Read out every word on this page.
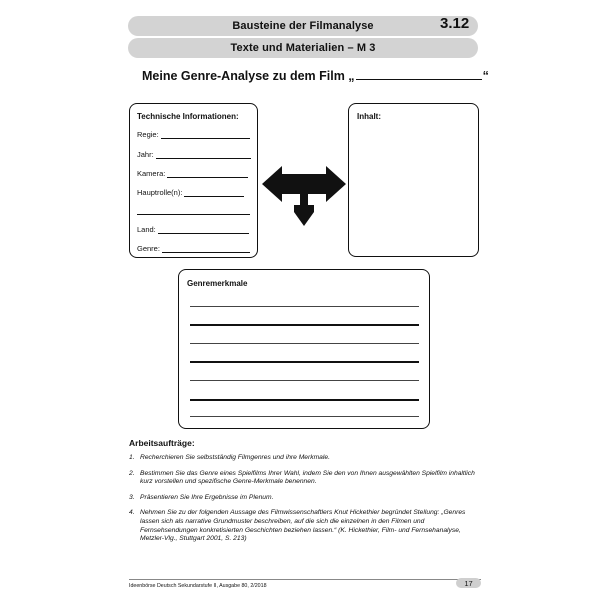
Bausteine der Filmanalyse	3.12
Texte und Materialien – M 3
Meine Genre-Analyse zu dem Film „	“
Technische Informationen:
Regie:
Jahr:
Kamera:
Hauptrolle(n):
Land:
Genre:
Inhalt:
Genremerkmale
Arbeitsaufträge:
1. Recherchieren Sie selbstständig Filmgenres und ihre Merkmale.
2. Bestimmen Sie das Genre eines Spielfilms Ihrer Wahl, indem Sie den von Ihnen ausgewählten Spielfilm inhaltlich kurz vorstellen und spezifische Genre-Merkmale benennen.
3. Präsentieren Sie Ihre Ergebnisse im Plenum.
4. Nehmen Sie zu der folgenden Aussage des Filmwissenschaftlers Knut Hickethier begründet Stellung: „Genres lassen sich als narrative Grundmuster beschreiben, auf die sich die einzelnen in den Filmen und Fernsehsendungen konkretisierten Geschichten beziehen lassen.“ (K. Hickethier, Film- und Fernsehanalyse, Metzler-Vlg., Stuttgart 2001, S. 213)
Ideenbörse Deutsch Sekundarstufe II, Ausgabe 80, 2/2018	17
